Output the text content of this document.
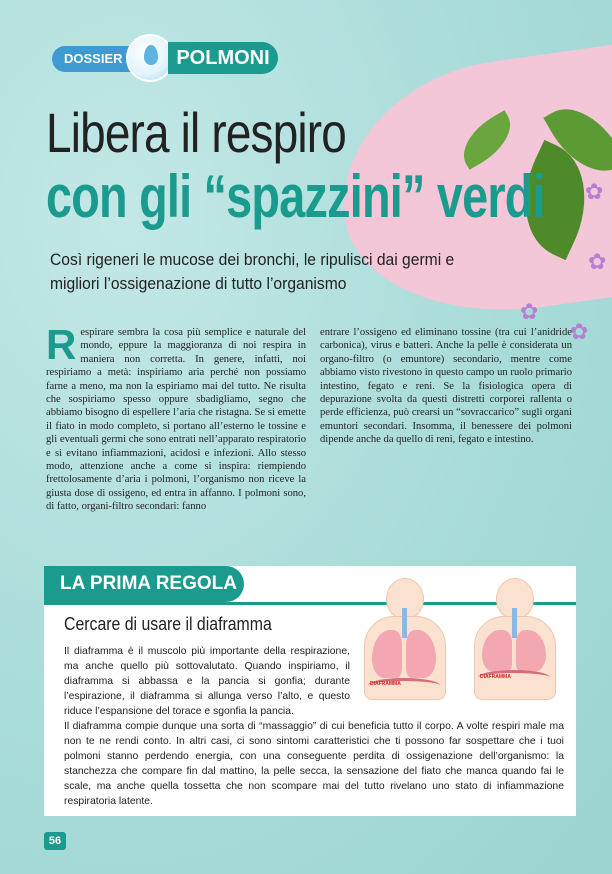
✿
✿
✿
✿
DOSSIER	POLMONI
Libera il respiro
con gli “spazzini” verdi
Così rigeneri le mucose dei bronchi, le ripulisci dai germi e migliori l’ossigenazione di tutto l’organismo
R espirare sembra la cosa più semplice e naturale del mondo, eppure la maggioranza di noi respira in maniera non corretta. In genere, infatti, noi respiriamo a metà: inspiriamo aria perché non possiamo farne a meno, ma non la espiriamo mai del tutto. Ne risulta che sospiriamo spesso oppure sbadigliamo, segno che abbiamo bisogno di espellere l’aria che ristagna. Se si emette il fiato in modo completo, si portano all’esterno le tossine e gli eventuali germi che sono entrati nell’apparato respiratorio e si evitano infiammazioni, acidosi e infezioni. Allo stesso modo, attenzione anche a come si inspira: riempiendo frettolosamente d’aria i polmoni, l’organismo non riceve la giusta dose di ossigeno, ed entra in affanno. I polmoni sono, di fatto, organi-filtro secondari: fanno

entrare l’ossigeno ed eliminano tossine (tra cui l’anidride carbonica), virus e batteri. Anche la pelle è considerata un organo-filtro (o emuntore) secondario, mentre come abbiamo visto rivestono in questo campo un ruolo primario intestino, fegato e reni. Se la fisiologica opera di depurazione svolta da questi distretti corporei rallenta o perde efficienza, può crearsi un “sovraccarico” sugli organi emuntori secondari. Insomma, il benessere dei polmoni dipende anche da quello di reni, fegato e intestino.

LA PRIMA REGOLA
Cercare di usare il diaframma
DIAFRAMMA
DIAFRAMMA
Il diaframma è il muscolo più importante della respirazione, ma anche quello più sottovalutato. Quando inspiriamo, il diaframma si abbassa e la pancia si gonfia; durante l’espirazione, il diaframma si allunga verso l’alto, e questo riduce l’espansione del torace e sgonfia la pancia.
Il diaframma compie dunque una sorta di “massaggio” di cui beneficia tutto il corpo. A volte respiri male ma non te ne rendi conto. In altri casi, ci sono sintomi caratteristici che ti possono far sospettare che i tuoi polmoni stanno perdendo energia, con una conseguente perdita di ossigenazione dell’organismo: la stanchezza che compare fin dal mattino, la pelle secca, la sensazione del fiato che manca quando fai le scale, ma anche quella tossetta che non scompare mai del tutto rivelano uno stato di infiammazione respiratoria latente.
56
